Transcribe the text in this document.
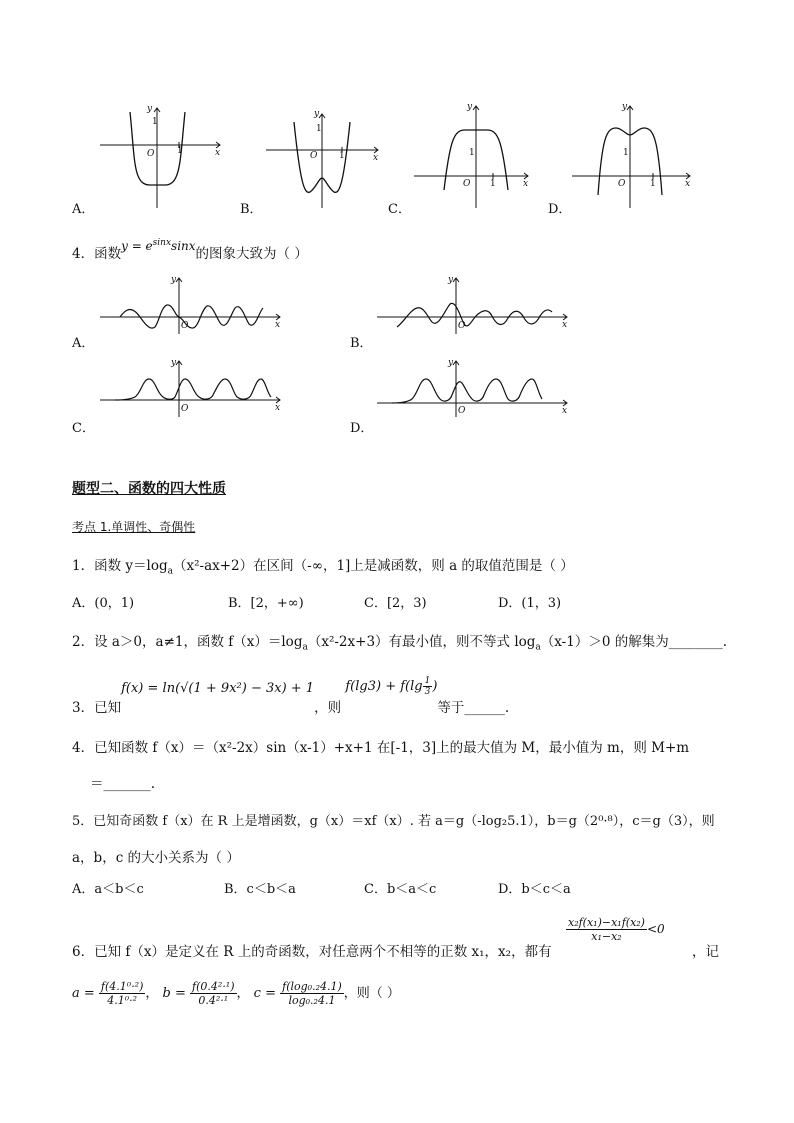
y
1
O	1	x
y
1
O 1	x
y
1
O 1	x
y
1
O	1	x
A．	B．	C．	D．
4．函数$y = e^{sinx}\sin x$的图象大致为（ ）
y
O	x
y
O	x
y
O	x
y
O	x
A．	B．
C．	D．
题型二、函数的四大性质
考点 1.单调性、奇偶性
1．函数 $y=\log_a(x^2-ax+2)$在区间（-∞，1]上是减函数，则 a 的取值范围是（ ）
A．(0，1)	B．[2，+∞)	C．[2，3)	D．(1，3)
2．设 a＞0，a≠1，函数 $f(x)=\log_a(x^2-2x+3)$有最小值，则不等式 $\log_a(x-1)>0$ 的解集为________.
3．已知f(x) = ln(√(1 + 9x²) − 3x) + 1，则 $f(\lg 3) + f(\lg \frac{1}{3}$ )等于______.
4．已知函数 f（x）＝（x²-2x）sin（x-1）+x+1 在[-1，3]上的最大值为 M，最小值为 m，则 M+m
＝_______.
5．已知奇函数 f（x）在 R 上是增函数，g（x）＝xf（x）. 若 a＝g（-log₂5.1），b＝g（2⁰·⁸），c＝g（3），则
a，b，c 的大小关系为（ ）
A．a＜b＜c	B．c＜b＜a	C．b＜a＜c	D．b＜c＜a
6．已知 f（x）是定义在 R 上的奇函数，对任意两个不相等的正数 x₁，x₂，都有
$\frac{\text{x₂f(x₁)−x₁f(x₂)}}{\text{x₁−x₂}} <0$
，记
$a = \frac{\text{f(4.1⁰·²)}}{\text{4.1⁰·²}}$ ， $b = \frac{\text{f(0.4²·¹)}}{\text{0.4²·¹}}$ ， $c = \frac{\text{f(log₀.₂4.1)}}{\text{log₀.₂4.1}}$ ，则（ ）
